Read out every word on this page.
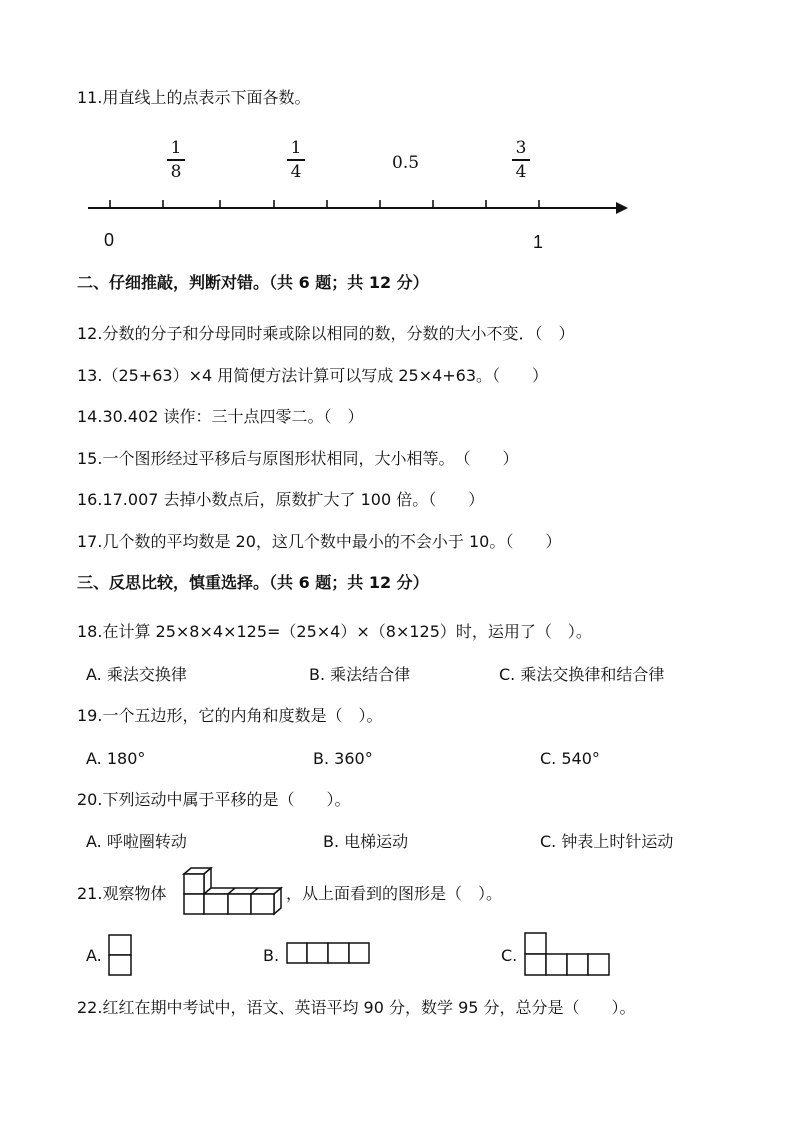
11.用直线上的点表示下面各数。
1
8
1
4	0.5
3
4
0	1
二、仔细推敲，判断对错。（共 6 题；共 12 分）
12.分数的分子和分母同时乘或除以相同的数，分数的大小不变．（　）
13.（25+63）×4 用简便方法计算可以写成 25×4+63。（　　）
14.30.402 读作：三十点四零二。（　）
15.一个图形经过平移后与原图形状相同，大小相等。　（　　）
16.17.007 去掉小数点后，原数扩大了 100 倍。（　　）
17.几个数的平均数是 20，这几个数中最小的不会小于 10。（　　）
三、反思比较，慎重选择。（共 6 题；共 12 分）
18.在计算 25×8×4×125=（25×4）×（8×125）时，运用了（　）。
A. 乘法交换律	B. 乘法结合律	C. 乘法交换律和结合律
19.一个五边形，它的内角和度数是（　）。
A. 180°	B. 360°	C. 540°
20.下列运动中属于平移的是（　　）。
A. 呼啦圈转动	B. 电梯运动	C. 钟表上时针运动
21.观察物体	，从上面看到的图形是（　）。
A.	B.	C.
22.红红在期中考试中，语文、英语平均 90 分，数学 95 分，总分是（　　）。
